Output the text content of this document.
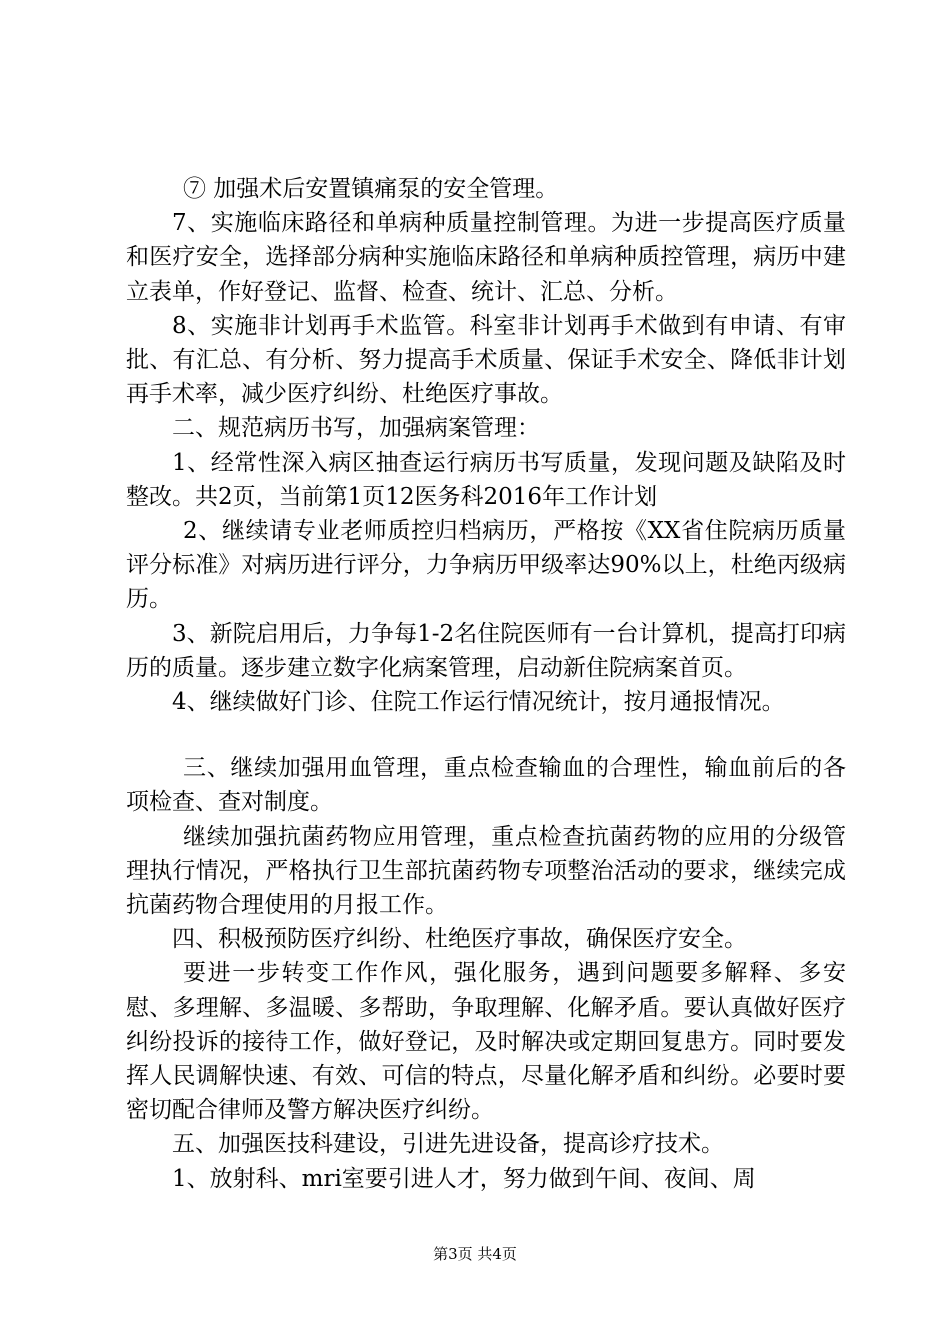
⑦ 加强术后安置镇痛泵的安全管理。

7、实施临床路径和单病种质量控制管理。为进一步提高医疗质量和医疗安全，选择部分病种实施临床路径和单病种质控管理，病历中建立表单，作好登记、监督、检查、统计、汇总、分析。

8、实施非计划再手术监管。科室非计划再手术做到有申请、有审批、有汇总、有分析、努力提高手术质量、保证手术安全、降低非计划再手术率，减少医疗纠纷、杜绝医疗事故。

二、规范病历书写，加强病案管理：

1、经常性深入病区抽查运行病历书写质量，发现问题及缺陷及时整改。共2页，当前第1页12医务科2016年工作计划

2、继续请专业老师质控归档病历，严格按《XX省住院病历质量评分标准》对病历进行评分，力争病历甲级率达90%以上，杜绝丙级病历。

3、新院启用后，力争每1-2名住院医师有一台计算机，提高打印病历的质量。逐步建立数字化病案管理，启动新住院病案首页。

4、继续做好门诊、住院工作运行情况统计，按月通报情况。

三、继续加强用血管理，重点检查输血的合理性，输血前后的各项检查、查对制度。

继续加强抗菌药物应用管理，重点检查抗菌药物的应用的分级管理执行情况，严格执行卫生部抗菌药物专项整治活动的要求，继续完成抗菌药物合理使用的月报工作。

四、积极预防医疗纠纷、杜绝医疗事故，确保医疗安全。

要进一步转变工作作风，强化服务，遇到问题要多解释、多安慰、多理解、多温暖、多帮助，争取理解、化解矛盾。要认真做好医疗纠纷投诉的接待工作，做好登记，及时解决或定期回复患方。同时要发挥人民调解快速、有效、可信的特点，尽量化解矛盾和纠纷。必要时要密切配合律师及警方解决医疗纠纷。

五、加强医技科建设，引进先进设备，提高诊疗技术。

1、放射科、mri室要引进人才，努力做到午间、夜间、周

第3页 共4页
